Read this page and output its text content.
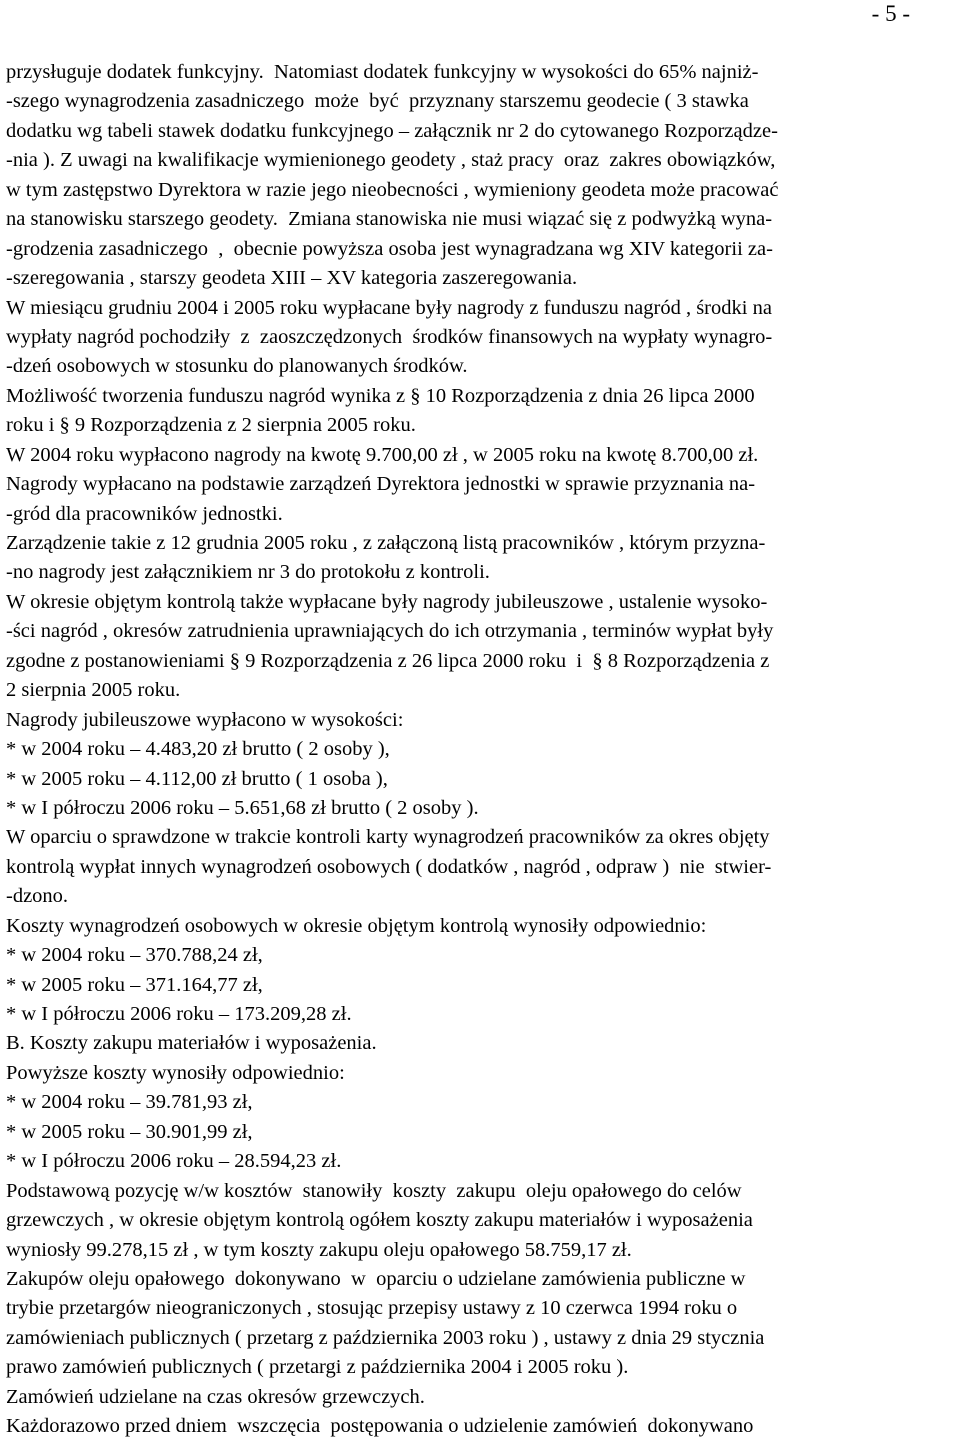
- 5 -
przysługuje dodatek funkcyjny.  Natomiast dodatek funkcyjny w wysokości do 65% najniż-
-szego wynagrodzenia zasadniczego  może  być  przyznany starszemu geodecie ( 3 stawka
dodatku wg tabeli stawek dodatku funkcyjnego – załącznik nr 2 do cytowanego Rozporządze-
-nia ). Z uwagi na kwalifikacje wymienionego geodety , staż pracy  oraz  zakres obowiązków,
w tym zastępstwo Dyrektora w razie jego nieobecności , wymieniony geodeta może pracować
na stanowisku starszego geodety.  Zmiana stanowiska nie musi wiązać się z podwyżką wyna-
-grodzenia zasadniczego  ,  obecnie powyższa osoba jest wynagradzana wg XIV kategorii za-
-szeregowania , starszy geodeta XIII – XV kategoria zaszeregowania.
W miesiącu grudniu 2004 i 2005 roku wypłacane były nagrody z funduszu nagród , środki na
wypłaty nagród pochodziły  z  zaoszczędzonych  środków finansowych na wypłaty wynagro-
-dzeń osobowych w stosunku do planowanych środków.
Możliwość tworzenia funduszu nagród wynika z § 10 Rozporządzenia z dnia 26 lipca 2000
roku i § 9 Rozporządzenia z 2 sierpnia 2005 roku.
W 2004 roku wypłacono nagrody na kwotę 9.700,00 zł , w 2005 roku na kwotę 8.700,00 zł.
Nagrody wypłacano na podstawie zarządzeń Dyrektora jednostki w sprawie przyznania na-
-gród dla pracowników jednostki.
Zarządzenie takie z 12 grudnia 2005 roku , z załączoną listą pracowników , którym przyzna-
-no nagrody jest załącznikiem nr 3 do protokołu z kontroli.
W okresie objętym kontrolą także wypłacane były nagrody jubileuszowe , ustalenie wysoko-
-ści nagród , okresów zatrudnienia uprawniających do ich otrzymania , terminów wypłat były
zgodne z postanowieniami § 9 Rozporządzenia z 26 lipca 2000 roku  i  § 8 Rozporządzenia z
2 sierpnia 2005 roku.
Nagrody jubileuszowe wypłacono w wysokości:
* w 2004 roku – 4.483,20 zł brutto ( 2 osoby ),
* w 2005 roku – 4.112,00 zł brutto ( 1 osoba ),
* w I półroczu 2006 roku – 5.651,68 zł brutto ( 2 osoby ).
W oparciu o sprawdzone w trakcie kontroli karty wynagrodzeń pracowników za okres objęty
kontrolą wypłat innych wynagrodzeń osobowych ( dodatków , nagród , odpraw )  nie  stwier-
-dzono.
Koszty wynagrodzeń osobowych w okresie objętym kontrolą wynosiły odpowiednio:
* w 2004 roku – 370.788,24 zł,
* w 2005 roku – 371.164,77 zł,
* w I półroczu 2006 roku – 173.209,28 zł.
B. Koszty zakupu materiałów i wyposażenia.
Powyższe koszty wynosiły odpowiednio:
* w 2004 roku – 39.781,93 zł,
* w 2005 roku – 30.901,99 zł,
* w I półroczu 2006 roku – 28.594,23 zł.
Podstawową pozycję w/w kosztów  stanowiły  koszty  zakupu  oleju opałowego do celów
grzewczych , w okresie objętym kontrolą ogółem koszty zakupu materiałów i wyposażenia
wyniosły 99.278,15 zł , w tym koszty zakupu oleju opałowego 58.759,17 zł.
Zakupów oleju opałowego  dokonywano  w  oparciu o udzielane zamówienia publiczne w
trybie przetargów nieograniczonych , stosując przepisy ustawy z 10 czerwca 1994 roku o
zamówieniach publicznych ( przetarg z października 2003 roku ) , ustawy z dnia 29 stycznia
prawo zamówień publicznych ( przetargi z października 2004 i 2005 roku ).
Zamówień udzielane na czas okresów grzewczych.
Każdorazowo przed dniem  wszczęcia  postępowania o udzielenie zamówień  dokonywano
